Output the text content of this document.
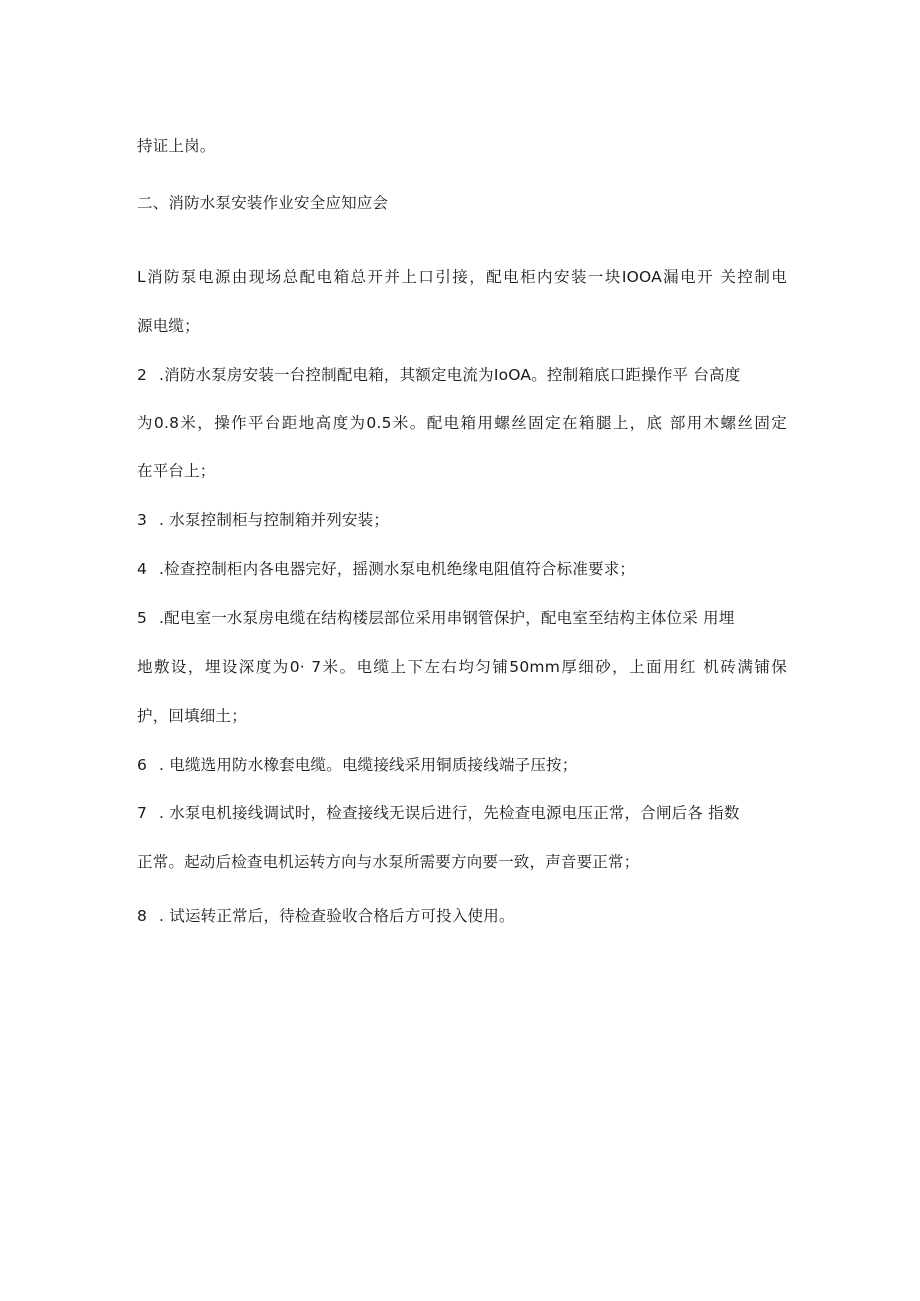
持证上岗。
二、消防水泵安装作业安全应知应会
L消防泵电源由现场总配电箱总开并上口引接，配电柜内安装一块IOOA漏电开 关控制电
源电缆；
2 .消防水泵房安装一台控制配电箱，其额定电流为IoOA。控制箱底口距操作平 台高度
为0.8米，操作平台距地高度为0.5米。配电箱用螺丝固定在箱腿上，底 部用木螺丝固定
在平台上；
3 . 水泵控制柜与控制箱并列安装；
4 .检查控制柜内各电器完好，摇测水泵电机绝缘电阻值符合标准要求；
5 .配电室一水泵房电缆在结构楼层部位采用串钢管保护，配电室至结构主体位采 用埋
地敷设，埋设深度为0· 7米。电缆上下左右均匀铺50mm厚细砂，上面用红 机砖满铺保
护，回填细土；
6 . 电缆选用防水橡套电缆。电缆接线采用铜质接线端子压按；
7 . 水泵电机接线调试时，检查接线无误后进行，先检查电源电压正常，合闸后各 指数
正常。起动后检查电机运转方向与水泵所需要方向要一致，声音要正常；
8 . 试运转正常后，待检查验收合格后方可投入使用。
